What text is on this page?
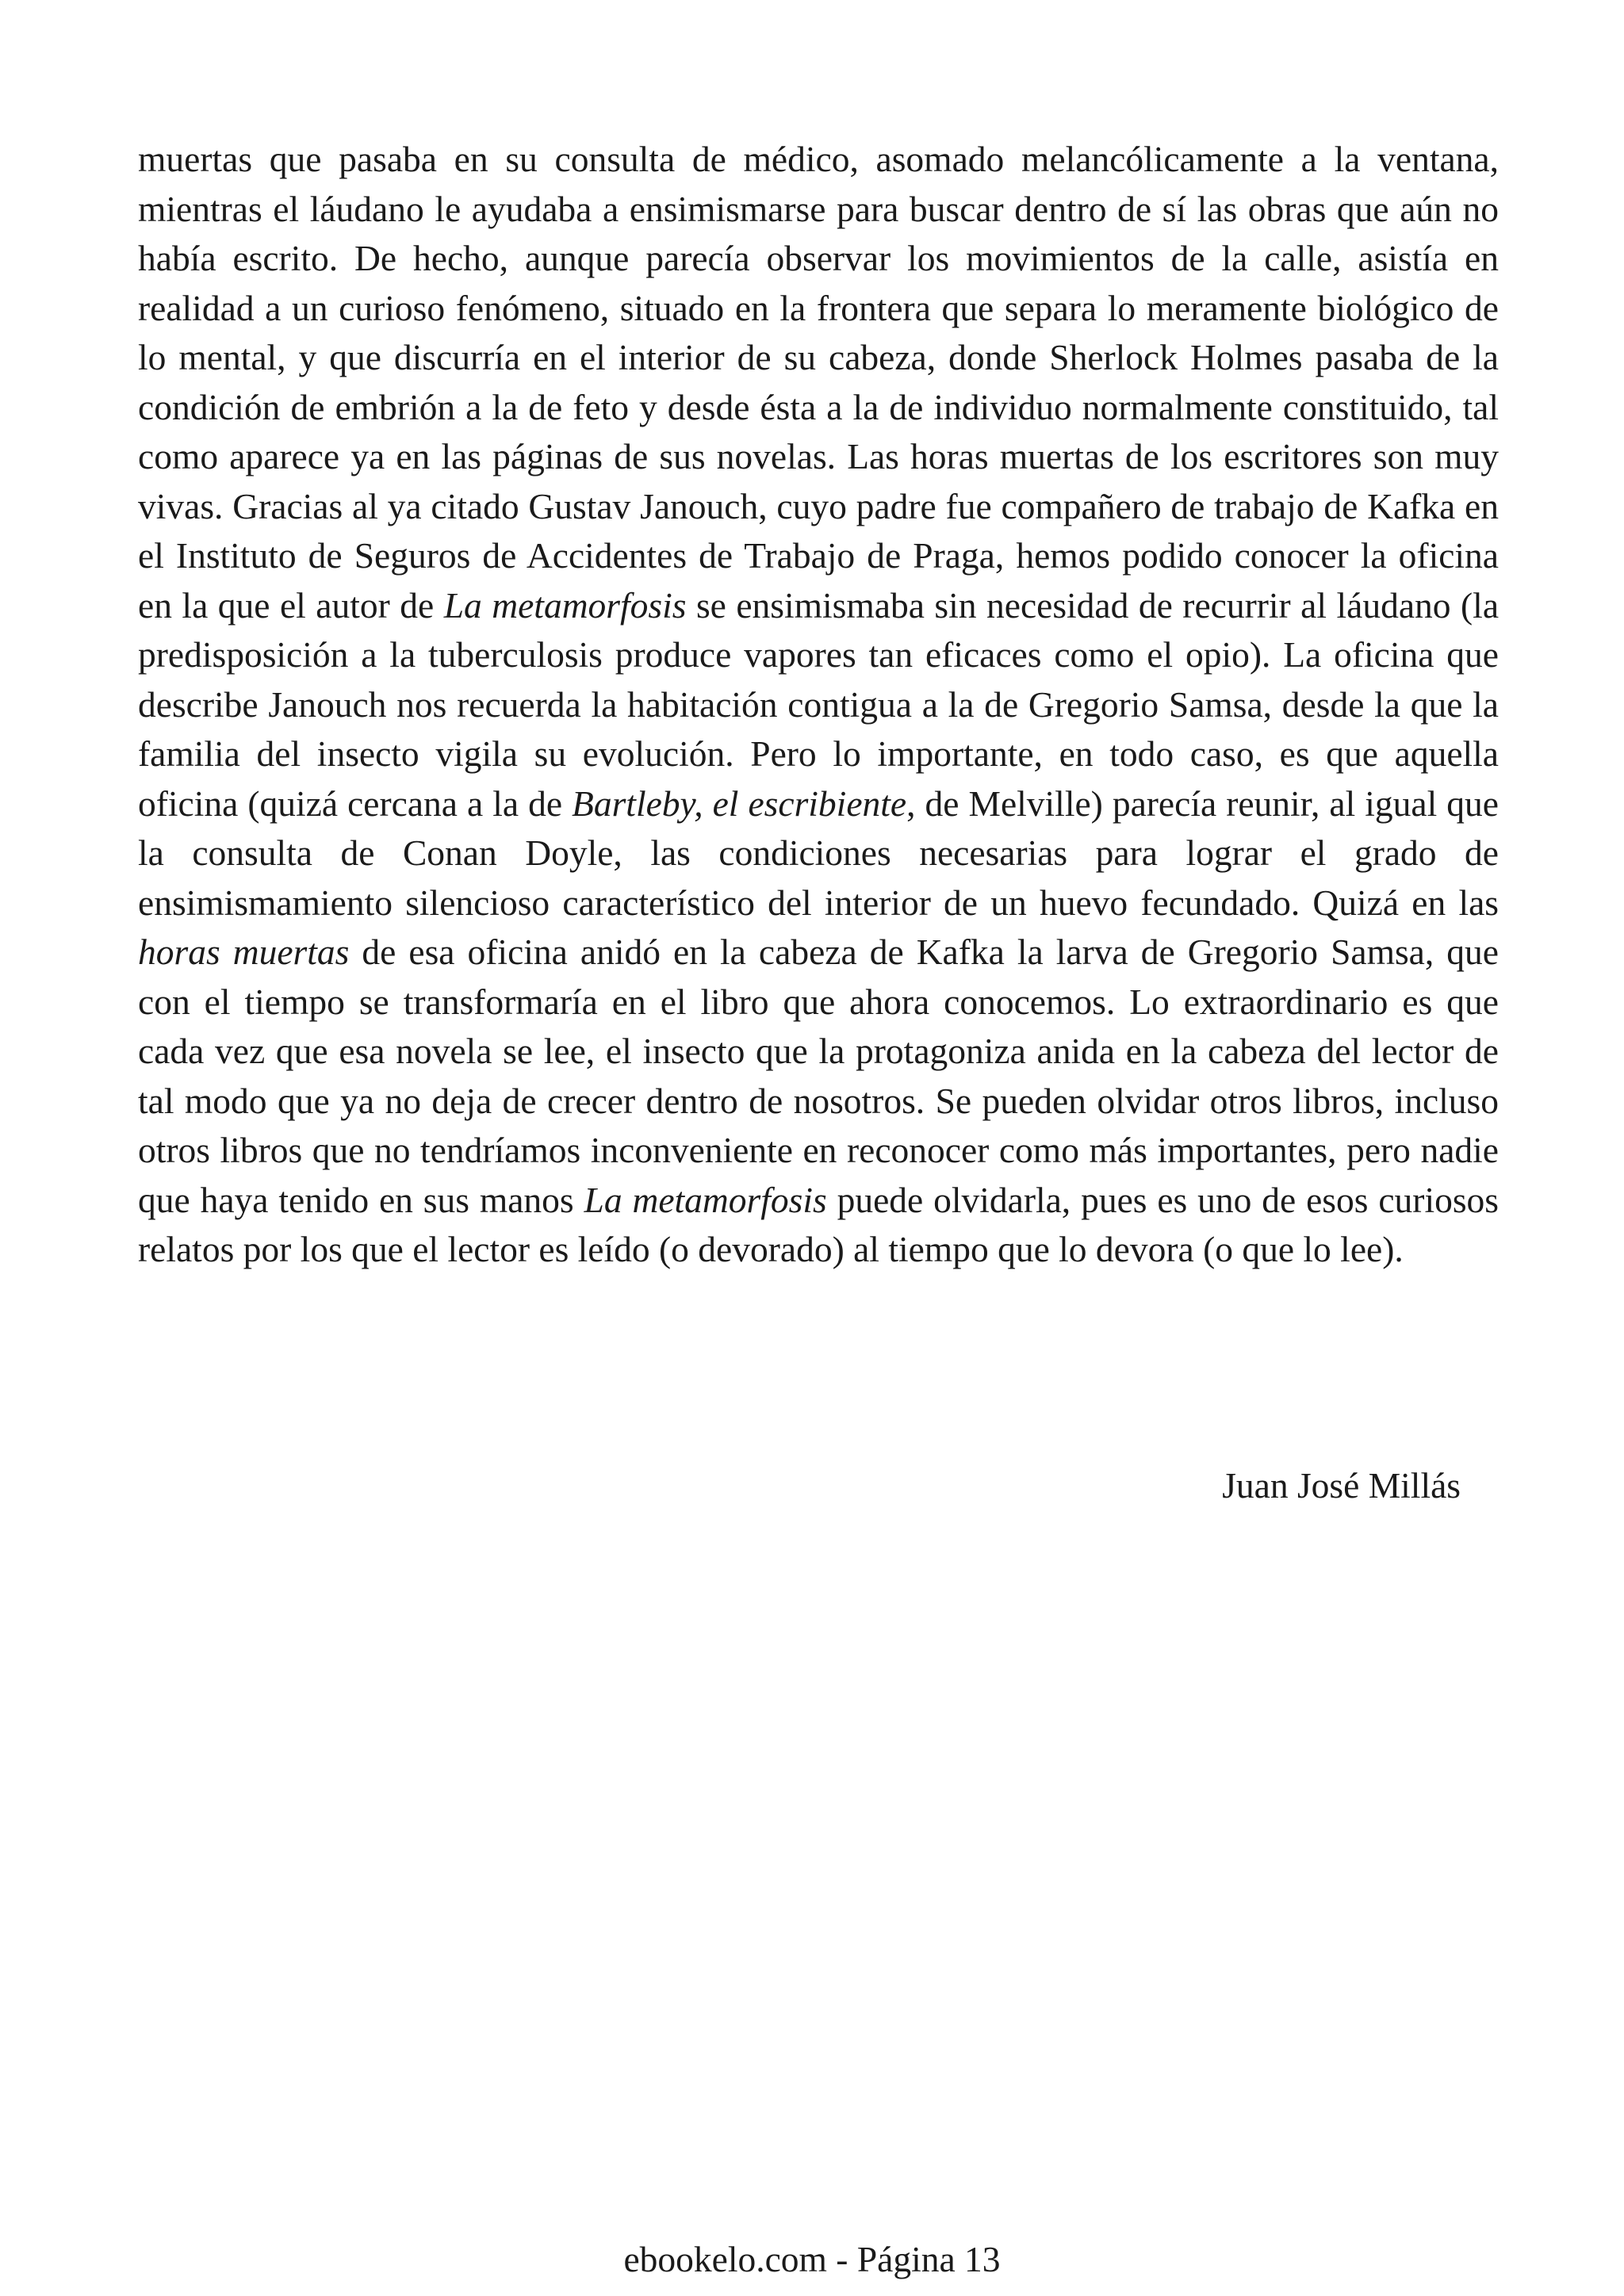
muertas que pasaba en su consulta de médico, asomado melancólicamente a la ventana, mientras el láudano le ayudaba a ensimismarse para buscar dentro de sí las obras que aún no había escrito. De hecho, aunque parecía observar los movimientos de la calle, asistía en realidad a un curioso fenómeno, situado en la frontera que separa lo meramente biológico de lo mental, y que discurría en el interior de su cabeza, donde Sherlock Holmes pasaba de la condición de embrión a la de feto y desde ésta a la de individuo normalmente constituido, tal como aparece ya en las páginas de sus novelas. Las horas muertas de los escritores son muy vivas. Gracias al ya citado Gustav Janouch, cuyo padre fue compañero de trabajo de Kafka en el Instituto de Seguros de Accidentes de Trabajo de Praga, hemos podido conocer la oficina en la que el autor de La metamorfosis se ensimismaba sin necesidad de recurrir al láudano (la predisposición a la tuberculosis produce vapores tan eficaces como el opio). La oficina que describe Janouch nos recuerda la habitación contigua a la de Gregorio Samsa, desde la que la familia del insecto vigila su evolución. Pero lo importante, en todo caso, es que aquella oficina (quizá cercana a la de Bartleby, el escribiente, de Melville) parecía reunir, al igual que la consulta de Conan Doyle, las condiciones necesarias para lograr el grado de ensimismamiento silencioso característico del interior de un huevo fecundado. Quizá en las horas muertas de esa oficina anidó en la cabeza de Kafka la larva de Gregorio Samsa, que con el tiempo se transformaría en el libro que ahora conocemos. Lo extraordinario es que cada vez que esa novela se lee, el insecto que la protagoniza anida en la cabeza del lector de tal modo que ya no deja de crecer dentro de nosotros. Se pueden olvidar otros libros, incluso otros libros que no tendríamos inconveniente en reconocer como más importantes, pero nadie que haya tenido en sus manos La metamorfosis puede olvidarla, pues es uno de esos curiosos relatos por los que el lector es leído (o devorado) al tiempo que lo devora (o que lo lee).

Juan José Millás

ebookelo.com - Página 13
